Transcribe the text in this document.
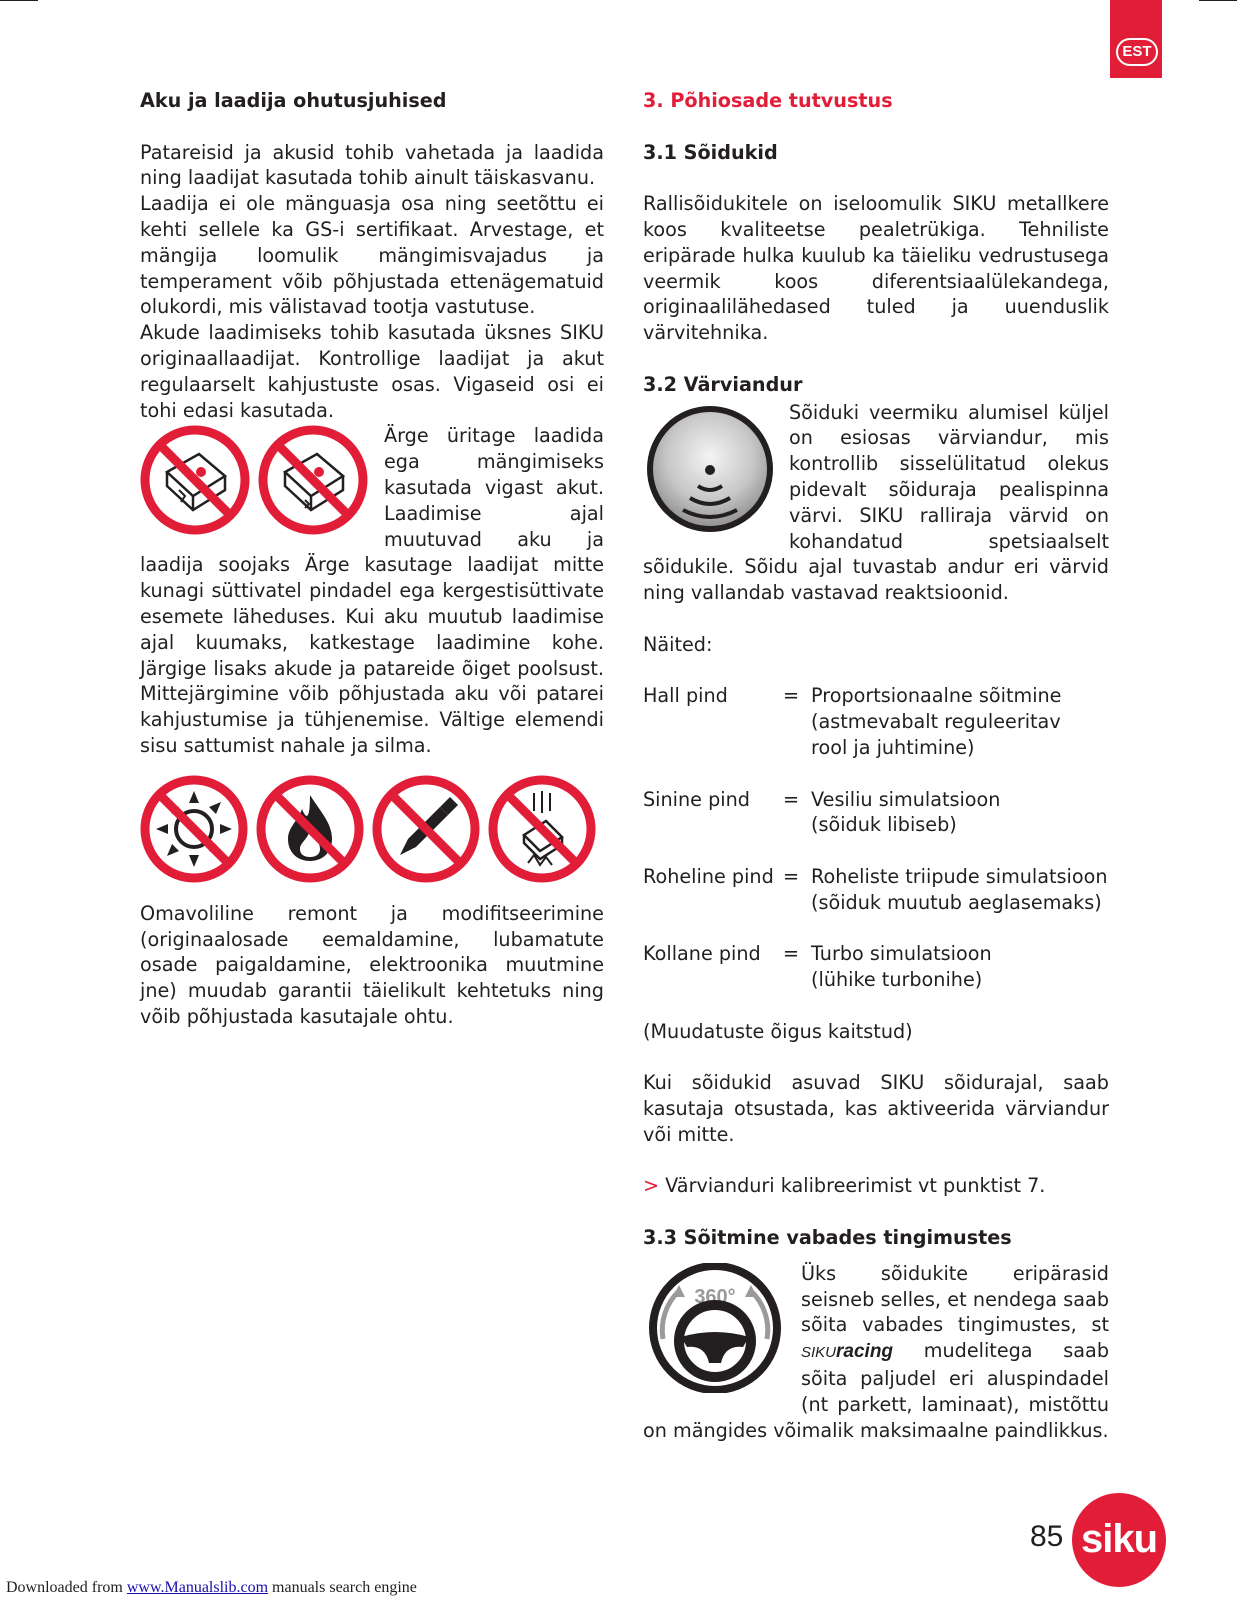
EST
Aku ja laadija ohutusjuhised

Patareisid ja akusid tohib vahetada ja laadida ning laadijat kasutada tohib ainult täiskasvanu.

Laadija ei ole mänguasja osa ning seetõttu ei kehti sellele ka GS-i sertifikaat. Arvestage, et mängija loomulik mängimisvajadus ja temperament võib põhjustada ettenägematuid olukordi, mis välistavad tootja vastutuse.

Akude laadimiseks tohib kasutada üksnes SIKU originaallaadijat. Kontrollige laadijat ja akut regulaarselt kahjustuste osas. Vigaseid osi ei tohi edasi kasutada.

Ärge üritage laadida ega mängimiseks kasutada vigast akut. Laadimise ajal muutuvad aku ja laadija soojaks Ärge kasutage laadijat mitte kunagi süttivatel pindadel ega kergestisüttivate esemete läheduses. Kui aku muutub laadimise ajal kuumaks, katkestage laadimine kohe. Järgige lisaks akude ja patareide õiget poolsust. Mittejärgimine võib põhjustada aku või patarei kahjustumise ja tühjenemise. Vältige elemendi sisu sattumist nahale ja silma.

Omavoliline remont ja modifitseerimine (originaalosade eemaldamine, lubamatute osade paigaldamine, elektroonika muutmine jne) muudab garantii täielikult kehtetuks ning võib põhjustada kasutajale ohtu.

3. Põhiosade tutvustus
3.1 Sõidukid

Rallisõidukitele on iseloomulik SIKU metallkere koos kvaliteetse pealetrükiga. Tehniliste eripärade hulka kuulub ka täieliku vedrustusega veermik koos diferentsiaalülekandega, originaalilähedased tuled ja uuenduslik värvitehnika.

3.2 Värviandur

Sõiduki veermiku alumisel küljel on esiosas värviandur, mis kontrollib sisselülitatud olekus pidevalt sõiduraja pealispinna värvi. SIKU ralliraja värvid on kohandatud spetsiaalselt sõidukile. Sõidu ajal tuvastab andur eri värvid ning vallandab vastavad reaktsioonid.

Näited:

Hall pind	= Proportsionaalne sõitmine
(astmevabalt reguleeritav
rool ja juhtimine)
Sinine pind	= Vesiliu simulatsioon
(sõiduk libiseb)
Roheline pind = Roheliste triipude simulatsioon
(sõiduk muutub aeglasemaks)
Kollane pind	= Turbo simulatsioon
(lühike turbonihe)

(Muudatuste õigus kaitstud)

Kui sõidukid asuvad SIKU sõidurajal, saab kasutaja otsustada, kas aktiveerida värviandur või mitte.

> Värvianduri kalibreerimist vt punktist 7.

3.3 Sõitmine vabades tingimustes
360°

Üks sõidukite eripärasid seisneb selles, et nendega saab sõita vabades tingimustes, st SIKUracing mudelitega saab sõita paljudel eri aluspindadel (nt parkett, laminaat), mistõttu on mängides võimalik maksimaalne paindlikkus.

85 siku
Downloaded from www.Manualslib.com manuals search engine
